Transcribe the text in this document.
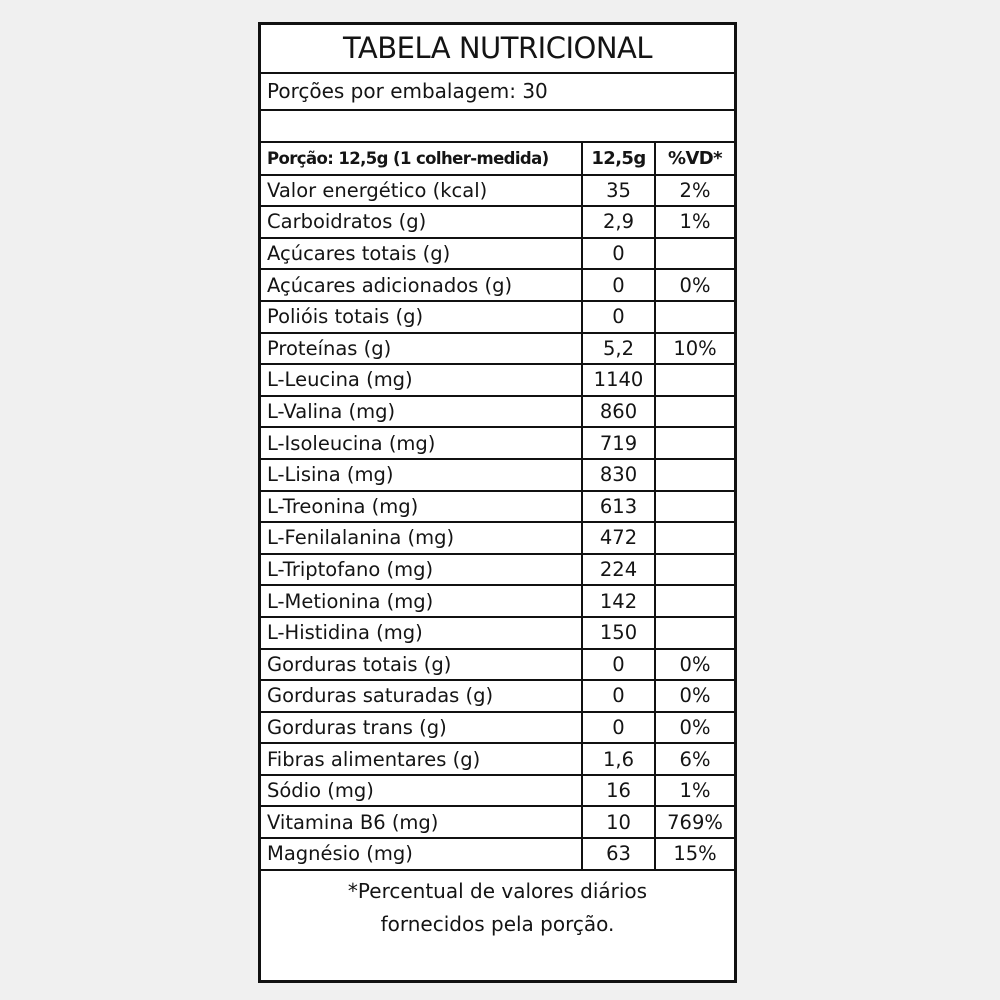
TABELA NUTRICIONAL
Porções por embalagem: 30
Porção: 12,5g (1 colher-medida)	12,5g	%VD*
Valor energético (kcal)	35	2%
Carboidratos (g)	2,9	1%
Açúcares totais (g)	0	
Açúcares adicionados (g)	0	0%
Polióis totais (g)	0	
Proteínas (g)	5,2	10%
L-Leucina (mg)	1140	
L-Valina (mg)	860	
L-Isoleucina (mg)	719	
L-Lisina (mg)	830	
L-Treonina (mg)	613	
L-Fenilalanina (mg)	472	
L-Triptofano (mg)	224	
L-Metionina (mg)	142	
L-Histidina (mg)	150	
Gorduras totais (g)	0	0%
Gorduras saturadas (g)	0	0%
Gorduras trans (g)	0	0%
Fibras alimentares (g)	1,6	6%
Sódio (mg)	16	1%
Vitamina B6 (mg)	10	769%
Magnésio (mg)	63	15%
*Percentual de valores diários
fornecidos pela porção.
